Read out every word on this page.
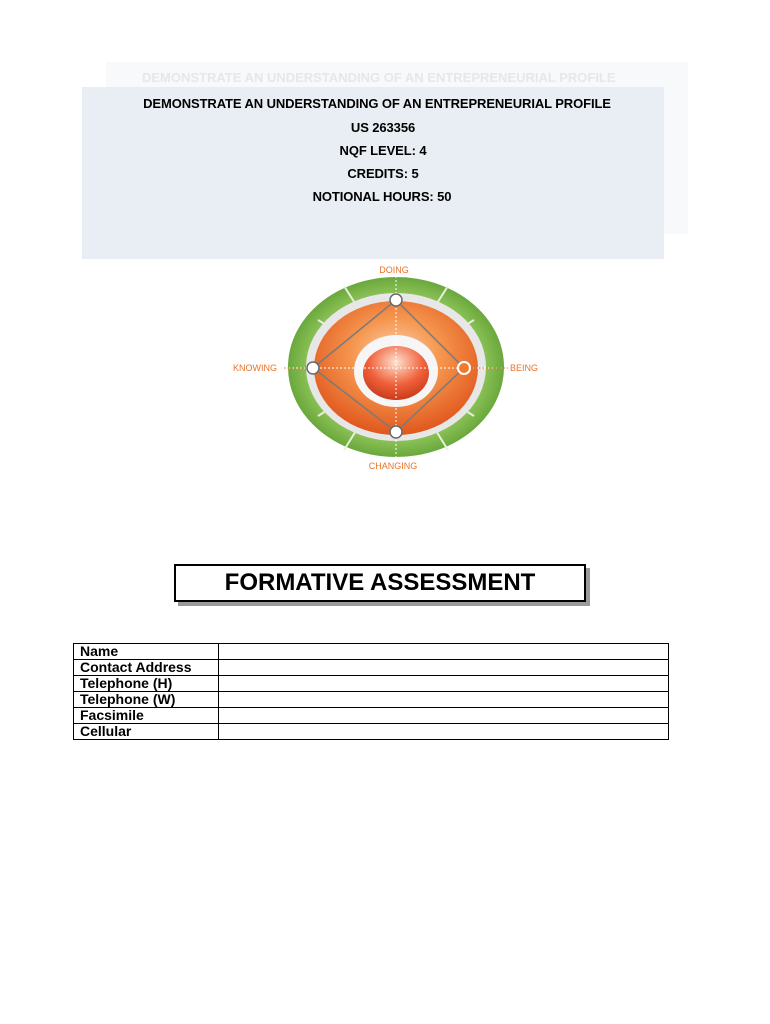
DEMONSTRATE AN UNDERSTANDING OF AN ENTREPRENEURIAL PROFILE
DEMONSTRATE AN UNDERSTANDING OF AN ENTREPRENEURIAL PROFILE
US 263356
NQF LEVEL: 4
CREDITS: 5
NOTIONAL HOURS: 50
DOING
KNOWING	BEING
CHANGING
FORMATIVE ASSESSMENT
Name	
Contact Address	
Telephone (H)	
Telephone (W)	
Facsimile	
Cellular	
